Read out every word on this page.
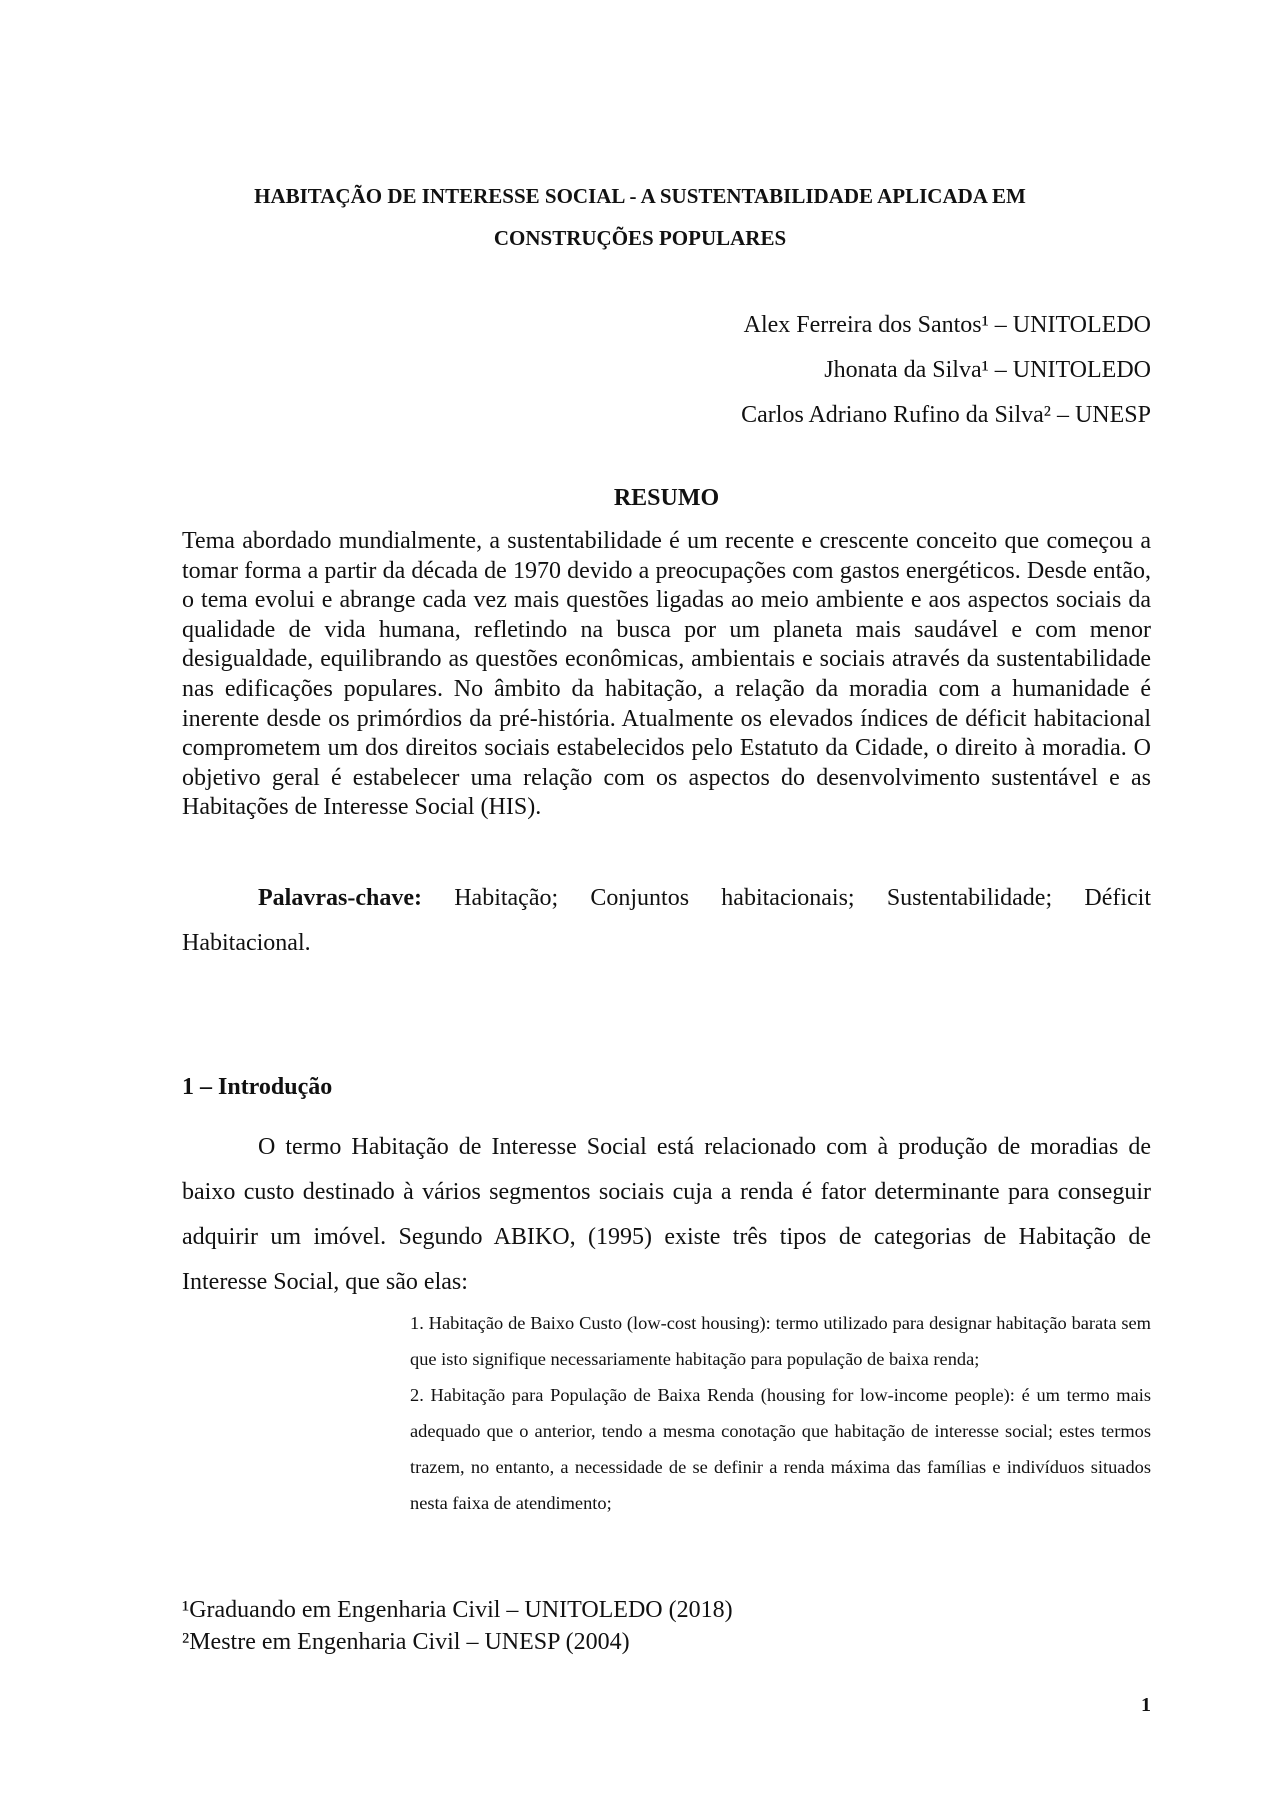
HABITAÇÃO DE INTERESSE SOCIAL - A SUSTENTABILIDADE APLICADA EM
CONSTRUÇÕES POPULARES
Alex Ferreira dos Santos¹ – UNITOLEDO
Jhonata da Silva¹ – UNITOLEDO
Carlos Adriano Rufino da Silva² – UNESP
RESUMO

Tema abordado mundialmente, a sustentabilidade é um recente e crescente conceito que começou a tomar forma a partir da década de 1970 devido a preocupações com gastos energéticos. Desde então, o tema evolui e abrange cada vez mais questões ligadas ao meio ambiente e aos aspectos sociais da qualidade de vida humana, refletindo na busca por um planeta mais saudável e com menor desigualdade, equilibrando as questões econômicas, ambientais e sociais através da sustentabilidade nas edificações populares. No âmbito da habitação, a relação da moradia com a humanidade é inerente desde os primórdios da pré-história. Atualmente os elevados índices de déficit habitacional comprometem um dos direitos sociais estabelecidos pelo Estatuto da Cidade, o direito à moradia. O objetivo geral é estabelecer uma relação com os aspectos do desenvolvimento sustentável e as Habitações de Interesse Social (HIS).

Palavras-chave: Habitação; Conjuntos habitacionais; Sustentabilidade; Déficit Habitacional.

1 – Introdução

O termo Habitação de Interesse Social está relacionado com à produção de moradias de baixo custo destinado à vários segmentos sociais cuja a renda é fator determinante para conseguir adquirir um imóvel. Segundo ABIKO, (1995) existe três tipos de categorias de Habitação de Interesse Social, que são elas:

1. Habitação de Baixo Custo (low-cost housing): termo utilizado para designar habitação barata sem que isto signifique necessariamente habitação para população de baixa renda;

2. Habitação para População de Baixa Renda (housing for low-income people): é um termo mais adequado que o anterior, tendo a mesma conotação que habitação de interesse social; estes termos trazem, no entanto, a necessidade de se definir a renda máxima das famílias e indivíduos situados nesta faixa de atendimento;

¹Graduando em Engenharia Civil – UNITOLEDO (2018)
²Mestre em Engenharia Civil – UNESP (2004)
1
